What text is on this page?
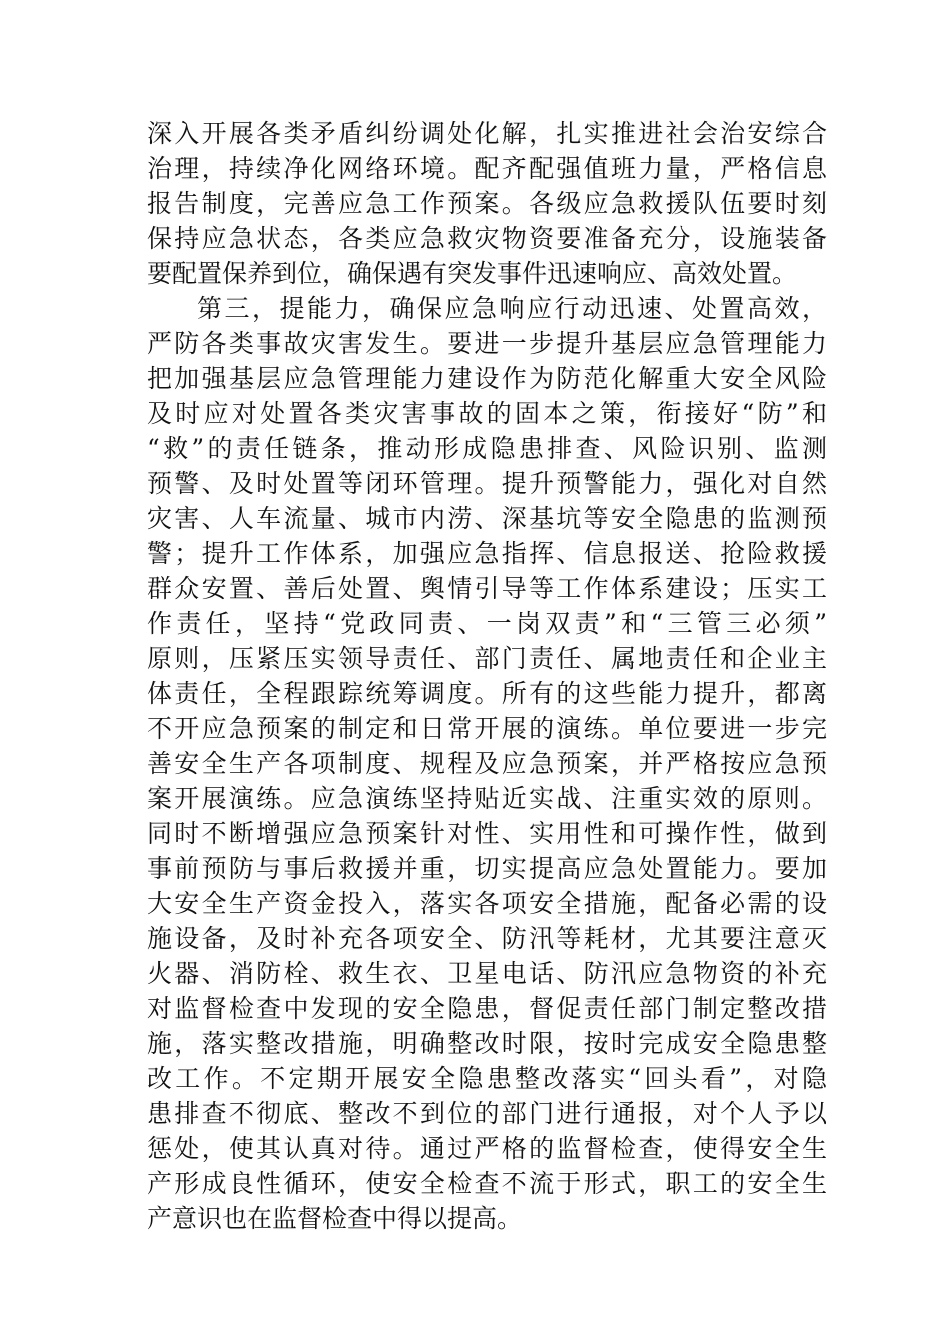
深入开展各类矛盾纠纷调处化解，扎实推进社会治安综合
治理，持续净化网络环境。配齐配强值班力量，严格信息
报告制度，完善应急工作预案。各级应急救援队伍要时刻
保持应急状态，各类应急救灾物资要准备充分，设施装备
要配置保养到位，确保遇有突发事件迅速响应、高效处置。
第三，提能力，确保应急响应行动迅速、处置高效，
严防各类事故灾害发生。要进一步提升基层应急管理能力
把加强基层应急管理能力建设作为防范化解重大安全风险
及时应对处置各类灾害事故的固本之策，衔接好“防”和
“救”的责任链条，推动形成隐患排查、风险识别、监测
预警、及时处置等闭环管理。提升预警能力，强化对自然
灾害、人车流量、城市内涝、深基坑等安全隐患的监测预
警；提升工作体系，加强应急指挥、信息报送、抢险救援
群众安置、善后处置、舆情引导等工作体系建设；压实工
作责任，坚持“党政同责、一岗双责”和“三管三必须”
原则，压紧压实领导责任、部门责任、属地责任和企业主
体责任，全程跟踪统筹调度。所有的这些能力提升，都离
不开应急预案的制定和日常开展的演练。单位要进一步完
善安全生产各项制度、规程及应急预案，并严格按应急预
案开展演练。应急演练坚持贴近实战、注重实效的原则。
同时不断增强应急预案针对性、实用性和可操作性，做到
事前预防与事后救援并重，切实提高应急处置能力。要加
大安全生产资金投入，落实各项安全措施，配备必需的设
施设备，及时补充各项安全、防汛等耗材，尤其要注意灭
火器、消防栓、救生衣、卫星电话、防汛应急物资的补充
对监督检查中发现的安全隐患，督促责任部门制定整改措
施，落实整改措施，明确整改时限，按时完成安全隐患整
改工作。不定期开展安全隐患整改落实“回头看”，对隐
患排查不彻底、整改不到位的部门进行通报，对个人予以
惩处，使其认真对待。通过严格的监督检查，使得安全生
产形成良性循环，使安全检查不流于形式，职工的安全生
产意识也在监督检查中得以提高。
